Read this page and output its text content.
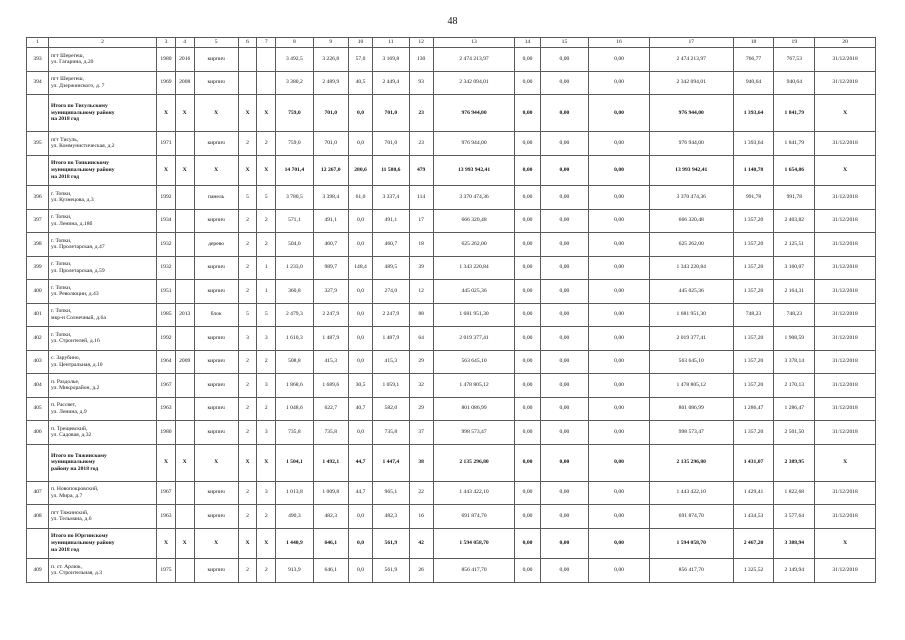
48
1	2	3	4	5	6	7	8	9	10	11	12	13	14	15	16	17	18	19	20
393	пгт Шерегеш,
ул. Гагарина, д.20	1980	2016	кирпич			3 492,5	3 226,8	57,0	3 169,8	130	2 474 213,97	0,00	0,00	0,00	2 474 213,97	766,77	767,53	31/12/2018
394	пгт Шерегеш,
ул. Дзержинского, д. 7	1969	2008	кирпич			3 380,2	2 489,9	40,5	2 449,4	93	2 342 094,01	0,00	0,00	0,00	2 342 094,01	940,64	940,64	31/12/2018
	Итого по Тисульскому
муниципальному району
на 2018 год	X	X	X	X	X	759,0	701,0	0,0	701,0	23	976 944,00	0,00	0,00	0,00	976 944,00	1 393,64	1 841,79	X
395	пгт Тисуль,
ул. Коммунистическая, д.2	1971		кирпич	2	2	759,0	701,0	0,0	701,0	23	976 944,00	0,00	0,00	0,00	976 944,00	1 393,64	1 841,79	31/12/2018
	Итого по Топкинскому
муниципальному району
на 2018 год	X	X	X	X	X	14 701,4	12 267,0	280,6	11 580,6	479	13 993 942,41	0,00	0,00	0,00	13 993 942,41	1 140,78	1 654,86	X
396	г. Топки,
ул. Кузнецова, д.3	1992		панель	5	5	3 780,5	3 398,4	61,0	3 337,4	114	3 370 474,36	0,00	0,00	0,00	3 370 474,36	991,78	991,78	31/12/2018
397	г. Топки,
ул. Ленина, д.18б	1934		кирпич	2	2	571,1	491,1	0,0	491,1	17	666 320,48	0,00	0,00	0,00	666 320,48	1 357,20	2 403,82	31/12/2018
398	г. Топки,
ул. Пролетарская, д.47	1932		дерево	2	2	504,0	460,7	0,0	460,7	18	625 262,00	0,00	0,00	0,00	625 262,00	1 357,20	2 125,51	31/12/2018
399	г. Топки,
ул. Пролетарская, д.59	1932		кирпич	2	1	1 233,0	989,7	148,4	489,5	39	1 343 220,84	0,00	0,00	0,00	1 343 220,84	1 357,20	3 160,07	31/12/2018
400	г. Топки,
ул. Революции, д.43	1951		кирпич	2	1	360,8	327,9	0,0	274,0	12	445 025,36	0,00	0,00	0,00	445 025,36	1 357,20	2 164,31	31/12/2018
401	г. Топки,
мкр-н Солнечный, д.6а	1985	2013	блок	5	5	2 479,3	2 247,9	0,0	2 247,9	88	1 681 951,30	0,00	0,00	0,00	1 681 951,30	748,23	748,23	31/12/2018
402	г. Топки,
ул. Строителей, д.16	1992		кирпич	3	3	1 610,3	1 487,9	0,0	1 487,9	64	2 019 377,41	0,00	0,00	0,00	2 019 377,41	1 357,20	1 908,59	31/12/2018
403	с. Зарубино,
ул. Центральная, д.10	1964	2009	кирпич	2	2	508,8	415,3	0,0	415,3	29	563 645,10	0,00	0,00	0,00	563 645,10	1 357,20	3 378,14	31/12/2018
404	п. Раздолье,
ул. Микрорайон, д.2	1967		кирпич	2	3	1 868,6	1 689,6	30,5	1 059,1	32	1 478 805,12	0,00	0,00	0,00	1 478 805,12	1 357,20	2 170,13	31/12/2018
405	п. Рассвет,
ул. Ленина, д.9	1963		кирпич	2	2	1 048,6	622,7	40,7	582,0	29	801 086,99	0,00	0,00	0,00	801 086,99	1 286,47	1 286,47	31/12/2018
406	п. Трещевский,
ул. Садовая, д.32	1980		кирпич	2	3	735,8	735,8	0,0	735,8	37	998 573,47	0,00	0,00	0,00	998 573,47	1 357,20	2 501,50	31/12/2018
	Итого по Тяжинскому
муниципальному
району на 2018 год	X	X	X	X	X	1 504,1	1 492,1	44,7	1 447,4	38	2 135 296,80	0,00	0,00	0,00	2 135 296,80	1 431,07	2 389,95	X
407	п. Новопокровский,
ул. Мира, д.7	1967		кирпич	2	3	1 013,8	1 009,8	44,7	965,1	22	1 443 422,10	0,00	0,00	0,00	1 443 422,10	1 429,41	1 822,68	31/12/2018
408	пгт Тяжинский,
ул. Тельмана, д.6	1963		кирпич	2	2	490,3	482,3	0,0	482,3	16	691 874,70	0,00	0,00	0,00	691 874,70	1 434,53	3 577,64	31/12/2018
	Итого по Юргинскому
муниципальному району
на 2018 год	X	X	X	X	X	1 440,9	646,1	0,0	561,9	42	1 594 058,70	0,00	0,00	0,00	1 594 058,70	2 467,20	3 388,94	X
409	п. ст. Арлюк,
ул. Строительная, д.3	1975		кирпич	2	2	913,9	646,1	0,0	561,9	26	856 417,70	0,00	0,00	0,00	856 417,70	1 325,52	2 149,94	31/12/2018
